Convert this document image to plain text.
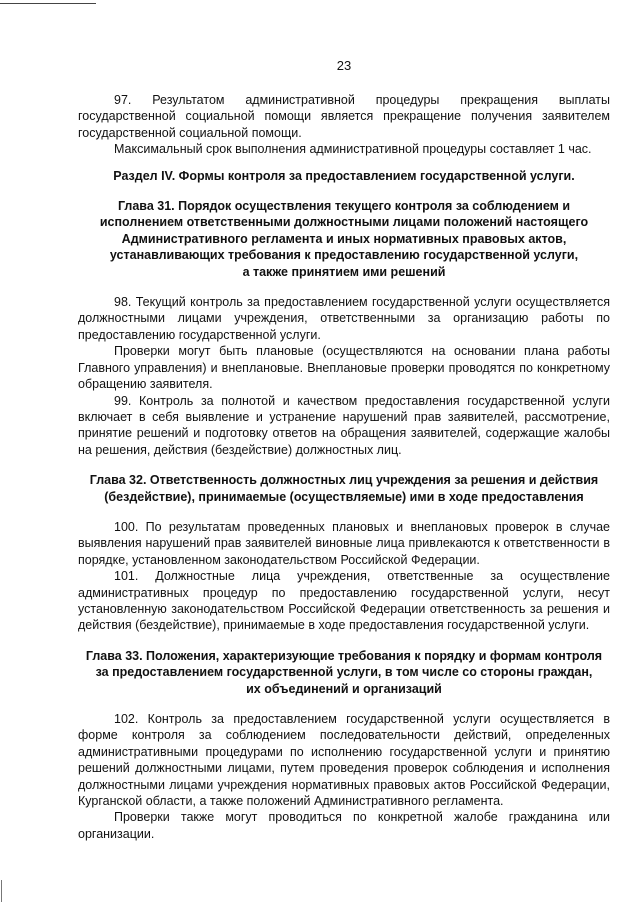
23

97. Результатом административной процедуры прекращения выплаты государственной социальной помощи является прекращение получения заявителем государственной социальной помощи.

Максимальный срок выполнения административной процедуры составляет 1 час.

Раздел IV. Формы контроля за предоставлением государственной услуги.
Глава 31. Порядок осуществления текущего контроля за соблюдением и
исполнением ответственными должностными лицами положений настоящего
Административного регламента и иных нормативных правовых актов,
устанавливающих требования к предоставлению государственной услуги,
а также принятием ими решений

98. Текущий контроль за предоставлением государственной услуги осуществляется должностными лицами учреждения, ответственными за организацию работы по предоставлению государственной услуги.

Проверки могут быть плановые (осуществляются на основании плана работы Главного управления) и внеплановые. Внеплановые проверки проводятся по конкретному обращению заявителя.

99. Контроль за полнотой и качеством предоставления государственной услуги включает в себя выявление и устранение нарушений прав заявителей, рассмотрение, принятие решений и подготовку ответов на обращения заявителей, содержащие жалобы на решения, действия (бездействие) должностных лиц.

Глава 32. Ответственность должностных лиц учреждения за решения и действия
(бездействие), принимаемые (осуществляемые) ими в ходе предоставления

100. По результатам проведенных плановых и внеплановых проверок в случае выявления нарушений прав заявителей виновные лица привлекаются к ответственности в порядке, установленном законодательством Российской Федерации.

101. Должностные лица учреждения, ответственные за осуществление административных процедур по предоставлению государственной услуги, несут установленную законодательством Российской Федерации ответственность за решения и действия (бездействие), принимаемые в ходе предоставления государственной услуги.

Глава 33. Положения, характеризующие требования к порядку и формам контроля
за предоставлением государственной услуги, в том числе со стороны граждан,
их объединений и организаций

102. Контроль за предоставлением государственной услуги осуществляется в форме контроля за соблюдением последовательности действий, определенных административными процедурами по исполнению государственной услуги и принятию решений должностными лицами, путем проведения проверок соблюдения и исполнения должностными лицами учреждения нормативных правовых актов Российской Федерации, Курганской области, а также положений Административного регламента.

Проверки также могут проводиться по конкретной жалобе гражданина или организации.
